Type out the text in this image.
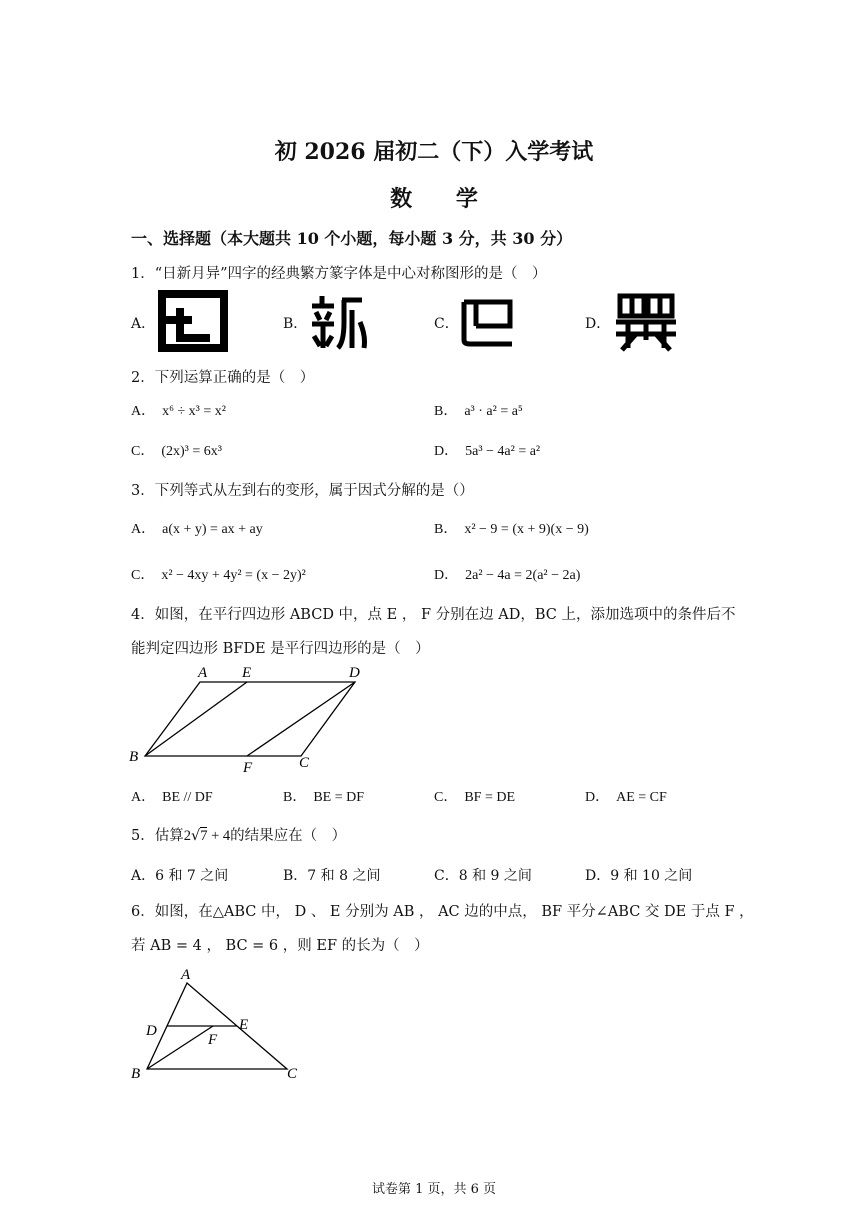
初 2026 届初二（下）入学考试
数 学
一、选择题（本大题共 10 个小题，每小题 3 分，共 30 分）
1．“日新月异”四字的经典繁方篆字体是中心对称图形的是（　）
A．	B．	C．	D．
2．下列运算正确的是（　）
A．　x⁶ ÷ x³ = x²	B．　a³ · a² = a⁵
C．　(2x)³ = 6x³	D．　5a³ − 4a² = a²
3．下列等式从左到右的变形，属于因式分解的是（）
A．　a(x + y) = ax + ay	B．　x² − 9 = (x + 9)(x − 9)
C．　x² − 4xy + 4y² = (x − 2y)²	D．　2a² − 4a = 2(a² − 2a)
4．如图，在平行四边形 ABCD 中，点 E ， F 分别在边 AD，BC 上，添加选项中的条件后不
能判定四边形 BFDE 是平行四边形的是（　）
A E	D
B
F	C
A．　BE // DF	B．　BE = DF	C．　BF = DE	D．　AE = CF
5．估算2√7 + 4的结果应在（　）
A．6 和 7 之间	B．7 和 8 之间	C．8 和 9 之间	D．9 和 10 之间
6．如图，在△ABC 中， D 、 E 分别为 AB ， AC 边的中点， BF 平分∠ABC 交 DE 于点 F ，
若 AB = 4 ， BC = 6 ，则 EF 的长为（　）
A
D	E
F
B	C
试卷第 1 页，共 6 页
